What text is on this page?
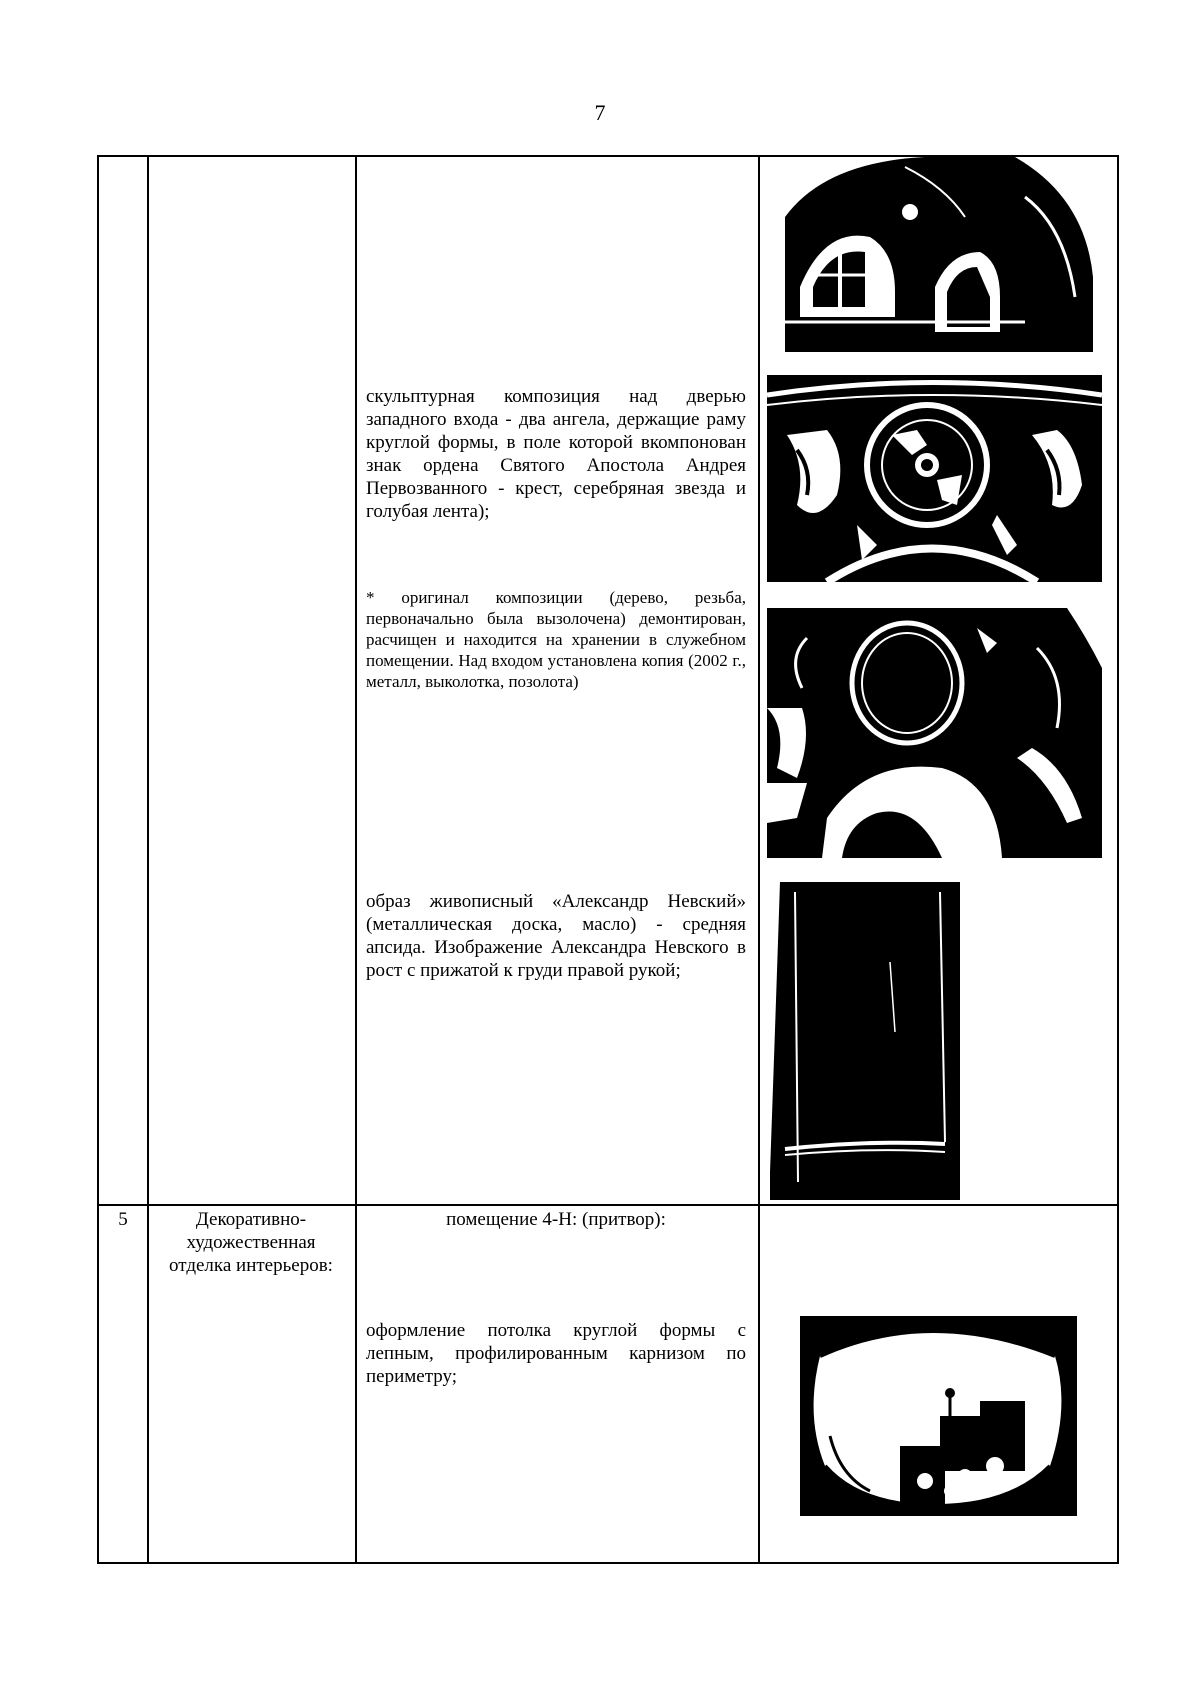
7
скульптурная композиция над дверью западного входа - два ангела, держащие раму круглой формы, в поле которой вкомпонован знак ордена Святого Апостола Андрея Первозванного - крест, серебряная звезда и голубая лента);
* оригинал композиции (дерево, резьба, первоначально была вызолочена) демонтирован, расчищен и находится на хранении в служебном помещении. Над входом установлена копия (2002 г., металл, выколотка, позолота)
образ живописный «Александр Невский» (металлическая доска, масло) - средняя апсида. Изображение Александра Невского в рост с прижатой к груди правой рукой;
5	Декоративно-художественная отделка интерьеров:
помещение 4-Н: (притвор):
оформление потолка круглой формы с лепным, профилированным карнизом по периметру;
